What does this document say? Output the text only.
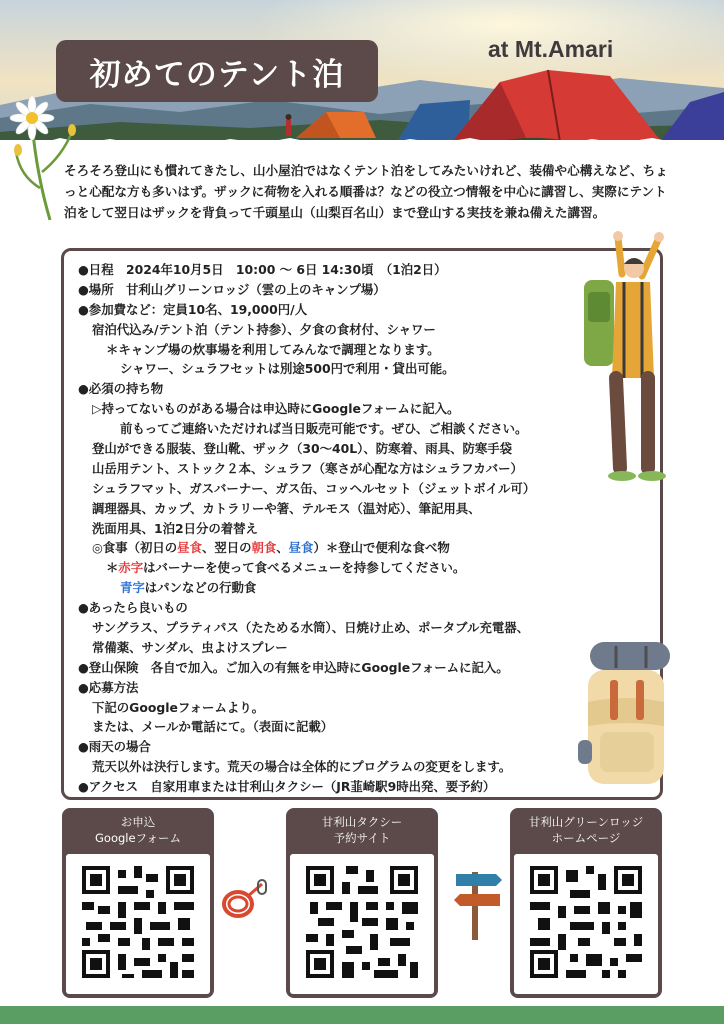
初めてのテント泊
at Mt.Amari

そろそろ登山にも慣れてきたし、山小屋泊ではなくテント泊をしてみたいけれど、装備や心構えなど、ちょっと心配な方も多いはず。ザックに荷物を入れる順番は？などの役立つ情報を中心に講習し、実際にテント泊をして翌日はザックを背負って千頭星山（山梨百名山）まで登山する実技を兼ね備えた講習。

●日程　2024年10月5日　10:00 ～ 6日 14:30頃　（1泊2日）
●場所　甘利山グリーンロッジ（雲の上のキャンプ場）
●参加費など：定員10名、19,000円/人
宿泊代込み/テント泊（テント持参）、夕食の食材付、シャワー
＊キャンプ場の炊事場を利用してみんなで調理となります。
シャワー、シュラフセットは別途500円で利用・貸出可能。
●必須の持ち物
▷持ってないものがある場合は申込時にGoogleフォームに記入。
前もってご連絡いただければ当日販売可能です。ぜひ、ご相談ください。
登山ができる服装、登山靴、ザック（30～40L）、防寒着、雨具、防寒手袋
山岳用テント、ストック２本、シュラフ（寒さが心配な方はシュラフカバー）
シュラフマット、ガスバーナー、ガス缶、コッヘルセット（ジェットボイル可）
調理器具、カップ、カトラリーや箸、テルモス（温対応）、筆記用具、
洗面用具、1泊2日分の着替え
◎食事（初日の昼食、翌日の朝食、昼食）＊登山で便利な食べ物
＊赤字はバーナーを使って食べるメニューを持参してください。
青字はパンなどの行動食
●あったら良いもの
サングラス、プラティパス（たためる水筒）、日焼け止め、ポータブル充電器、
常備薬、サンダル、虫よけスプレー
●登山保険　各自で加入。ご加入の有無を申込時にGoogleフォームに記入。
●応募方法
下記のGoogleフォームより。
または、メールか電話にて。（表面に記載）
●雨天の場合
荒天以外は決行します。荒天の場合は全体的にプログラムの変更をします。
●アクセス　自家用車または甘利山タクシー（JR韮崎駅9時出発、要予約）
お申込
Googleフォーム
甘利山タクシー
予約サイト
甘利山グリーンロッジ
ホームページ
